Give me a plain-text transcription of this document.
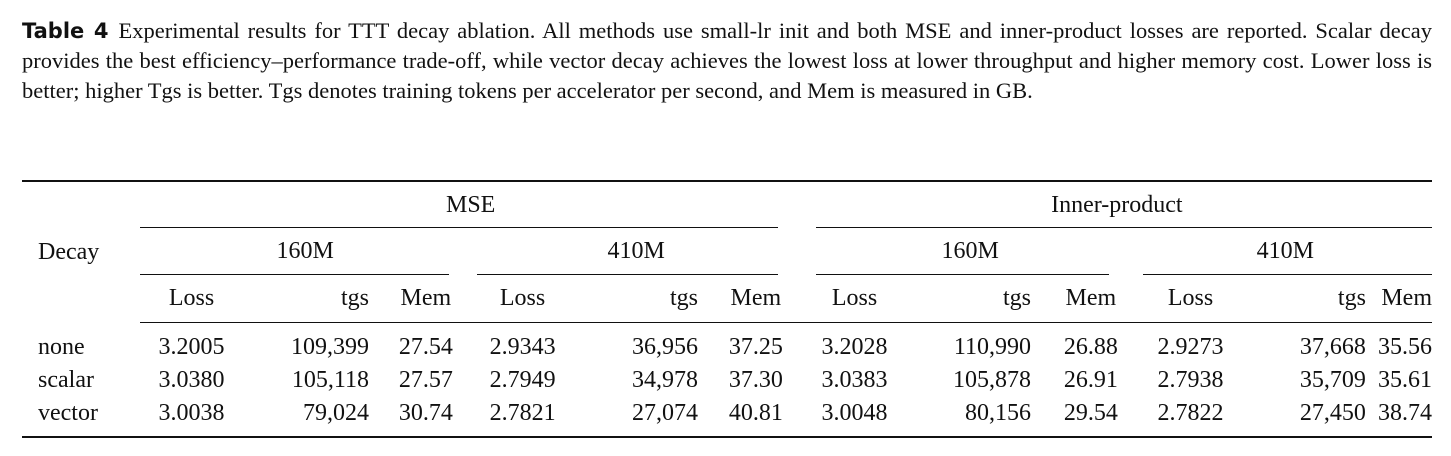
Table 4 Experimental results for TTT decay ablation. All methods use small-lr init and both MSE and inner-product losses are reported. Scalar decay provides the best efficiency–performance trade-off, while vector decay achieves the lowest loss at lower throughput and higher memory cost. Lower loss is better; higher Tgs is better. Tgs denotes training tokens per accelerator per second, and Mem is measured in GB.
Decay	MSE						Inner-product					

	160M			410M			160M			410M		

	Loss	tgs	Mem	Loss	tgs	Mem	Loss	tgs	Mem	Loss	tgs	Mem
none	3.2005	109,399	27.54	2.9343	36,956	37.25	3.2028	110,990	26.88	2.9273	37,668	35.56
scalar	3.0380	105,118	27.57	2.7949	34,978	37.30	3.0383	105,878	26.91	2.7938	35,709	35.61
vector	3.0038	79,024	30.74	2.7821	27,074	40.81	3.0048	80,156	29.54	2.7822	27,450	38.74
